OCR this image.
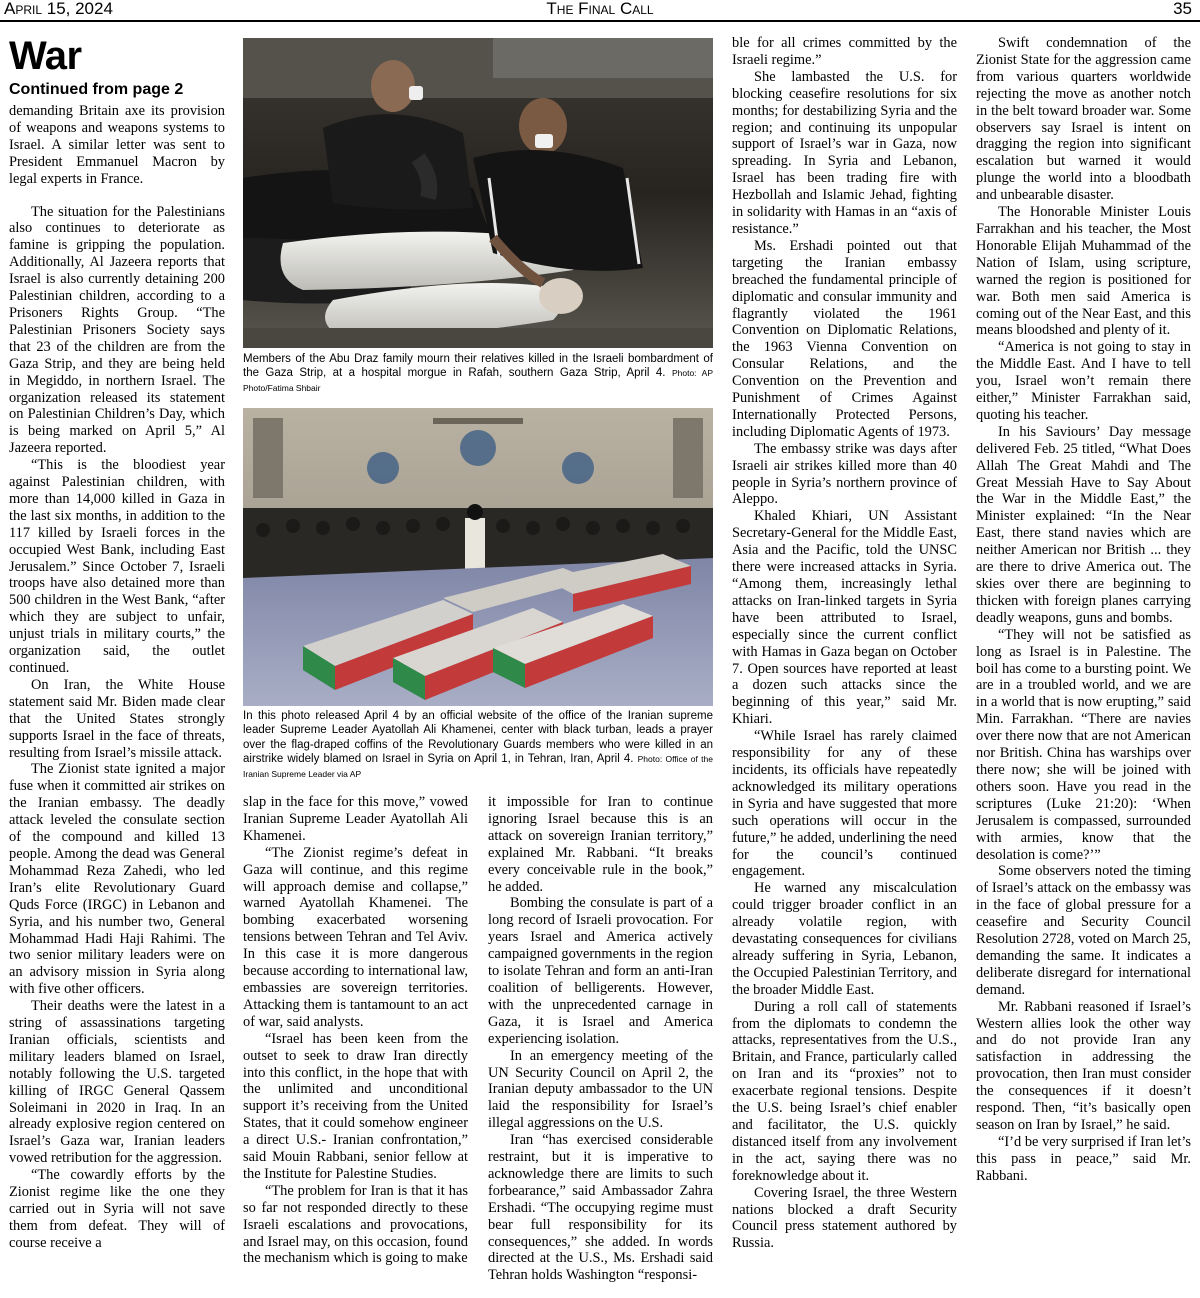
April 15, 2024	The Final Call	35
War
Continued from page 2

demanding Britain axe its provision of weapons and weapons systems to Israel. A similar letter was sent to President Emmanuel Macron by legal experts in France.

The situation for the Palestinians also continues to deteriorate as famine is gripping the population. Additionally, Al Jazeera reports that Israel is also currently detaining 200 Palestinian children, according to a Prisoners Rights Group. “The Palestinian Prisoners Society says that 23 of the children are from the Gaza Strip, and they are being held in Megiddo, in northern Israel. The organization released its statement on Palestinian Children’s Day, which is being marked on April 5,” Al Jazeera reported.

“This is the bloodiest year against Palestinian children, with more than 14,000 killed in Gaza in the last six months, in addition to the 117 killed by Israeli forces in the occupied West Bank, including East Jerusalem.” Since October 7, Israeli troops have also detained more than 500 children in the West Bank, “after which they are subject to unfair, unjust trials in military courts,” the organization said, the outlet continued.

On Iran, the White House statement said Mr. Biden made clear that the United States strongly supports Israel in the face of threats, resulting from Israel’s missile attack.

The Zionist state ignited a major fuse when it committed air strikes on the Iranian embassy. The deadly attack leveled the consulate section of the compound and killed 13 people. Among the dead was General Mohammad Reza Zahedi, who led Iran’s elite Revolutionary Guard Quds Force (IRGC) in Lebanon and Syria, and his number two, General Mohammad Hadi Haji Rahimi. The two senior military leaders were on an advisory mission in Syria along with five other officers.

Their deaths were the latest in a string of assassinations targeting Iranian officials, scientists and military leaders blamed on Israel, notably following the U.S. targeted killing of IRGC General Qassem Soleimani in 2020 in Iraq. In an already explosive region centered on Israel’s Gaza war, Iranian leaders vowed retribution for the aggression.

“The cowardly efforts by the Zionist regime like the one they carried out in Syria will not save them from defeat. They will of course receive a

Members of the Abu Draz family mourn their relatives killed in the Israeli bombardment of the Gaza Strip, at a hospital morgue in Rafah, southern Gaza Strip, April 4. Photo: AP Photo/Fatima Shbair
In this photo released April 4 by an official website of the office of the Iranian supreme leader Supreme Leader Ayatollah Ali Khamenei, center with black turban, leads a prayer over the flag-draped coffins of the Revolutionary Guards members who were killed in an airstrike widely blamed on Israel in Syria on April 1, in Tehran, Iran, April 4. Photo: Office of the Iranian Supreme Leader via AP

slap in the face for this move,” vowed Iranian Supreme Leader Ayatollah Ali Khamenei.

“The Zionist regime’s defeat in Gaza will continue, and this regime will approach demise and collapse,” warned Ayatollah Khamenei. The bombing exacerbated worsening tensions between Tehran and Tel Aviv. In this case it is more dangerous because according to international law, embassies are sovereign territories. Attacking them is tantamount to an act of war, said analysts.

“Israel has been keen from the outset to seek to draw Iran directly into this conflict, in the hope that with the unlimited and unconditional support it’s receiving from the United States, that it could somehow engineer a direct U.S.- Iranian confrontation,” said Mouin Rabbani, senior fellow at the Institute for Palestine Studies.

“The problem for Iran is that it has so far not responded directly to these Israeli escalations and provocations, and Israel may, on this occasion, found the mechanism which is going to make

it impossible for Iran to continue ignoring Israel because this is an attack on sovereign Iranian territory,” explained Mr. Rabbani. “It breaks every conceivable rule in the book,” he added.

Bombing the consulate is part of a long record of Israeli provocation. For years Israel and America actively campaigned governments in the region to isolate Tehran and form an anti-Iran coalition of belligerents. However, with the unprecedented carnage in Gaza, it is Israel and America experiencing isolation.

In an emergency meeting of the UN Security Council on April 2, the Iranian deputy ambassador to the UN laid the responsibility for Israel’s illegal aggressions on the U.S.

Iran “has exercised considerable restraint, but it is imperative to acknowledge there are limits to such forbearance,” said Ambassador Zahra Ershadi. “The occupying regime must bear full responsibility for its consequences,” she added. In words directed at the U.S., Ms. Ershadi said Tehran holds Washington “responsi-

ble for all crimes committed by the Israeli regime.”

She lambasted the U.S. for blocking ceasefire resolutions for six months; for destabilizing Syria and the region; and continuing its unpopular support of Israel’s war in Gaza, now spreading. In Syria and Lebanon, Israel has been trading fire with Hezbollah and Islamic Jehad, fighting in solidarity with Hamas in an “axis of resistance.”

Ms. Ershadi pointed out that targeting the Iranian embassy breached the fundamental principle of diplomatic and consular immunity and flagrantly violated the 1961 Convention on Diplomatic Relations, the 1963 Vienna Convention on Consular Relations, and the Convention on the Prevention and Punishment of Crimes Against Internationally Protected Persons, including Diplomatic Agents of 1973.

The embassy strike was days after Israeli air strikes killed more than 40 people in Syria’s northern province of Aleppo.

Khaled Khiari, UN Assistant Secretary-General for the Middle East, Asia and the Pacific, told the UNSC there were increased attacks in Syria. “Among them, increasingly lethal attacks on Iran-linked targets in Syria have been attributed to Israel, especially since the current conflict with Hamas in Gaza began on October 7. Open sources have reported at least a dozen such attacks since the beginning of this year,” said Mr. Khiari.

“While Israel has rarely claimed responsibility for any of these incidents, its officials have repeatedly acknowledged its military operations in Syria and have suggested that more such operations will occur in the future,” he added, underlining the need for the council’s continued engagement.

He warned any miscalculation could trigger broader conflict in an already volatile region, with devastating consequences for civilians already suffering in Syria, Lebanon, the Occupied Palestinian Territory, and the broader Middle East.

During a roll call of statements from the diplomats to condemn the attacks, representatives from the U.S., Britain, and France, particularly called on Iran and its “proxies” not to exacerbate regional tensions. Despite the U.S. being Israel’s chief enabler and facilitator, the U.S. quickly distanced itself from any involvement in the act, saying there was no foreknowledge about it.

Covering Israel, the three Western nations blocked a draft Security Council press statement authored by Russia.

Swift condemnation of the Zionist State for the aggression came from various quarters worldwide rejecting the move as another notch in the belt toward broader war. Some observers say Israel is intent on dragging the region into significant escalation but warned it would plunge the world into a bloodbath and unbearable disaster.

The Honorable Minister Louis Farrakhan and his teacher, the Most Honorable Elijah Muhammad of the Nation of Islam, using scripture, warned the region is positioned for war. Both men said America is coming out of the Near East, and this means bloodshed and plenty of it.

“America is not going to stay in the Middle East. And I have to tell you, Israel won’t remain there either,” Minister Farrakhan said, quoting his teacher.

In his Saviours’ Day message delivered Feb. 25 titled, “What Does Allah The Great Mahdi and The Great Messiah Have to Say About the War in the Middle East,” the Minister explained: “In the Near East, there stand navies which are neither American nor British ... they are there to drive America out. The skies over there are beginning to thicken with foreign planes carrying deadly weapons, guns and bombs.

“They will not be satisfied as long as Israel is in Palestine. The boil has come to a bursting point. We are in a troubled world, and we are in a world that is now erupting,” said Min. Farrakhan. “There are navies over there now that are not American nor British. China has warships over there now; she will be joined with others soon. Have you read in the scriptures (Luke 21:20): ‘When Jerusalem is compassed, surrounded with armies, know that the desolation is come?’”

Some observers noted the timing of Israel’s attack on the embassy was in the face of global pressure for a ceasefire and Security Council Resolution 2728, voted on March 25, demanding the same. It indicates a deliberate disregard for international demand.

Mr. Rabbani reasoned if Israel’s Western allies look the other way and do not provide Iran any satisfaction in addressing the provocation, then Iran must consider the consequences if it doesn’t respond. Then, “it’s basically open season on Iran by Israel,” he said.

“I’d be very surprised if Iran let’s this pass in peace,” said Mr. Rabbani.
